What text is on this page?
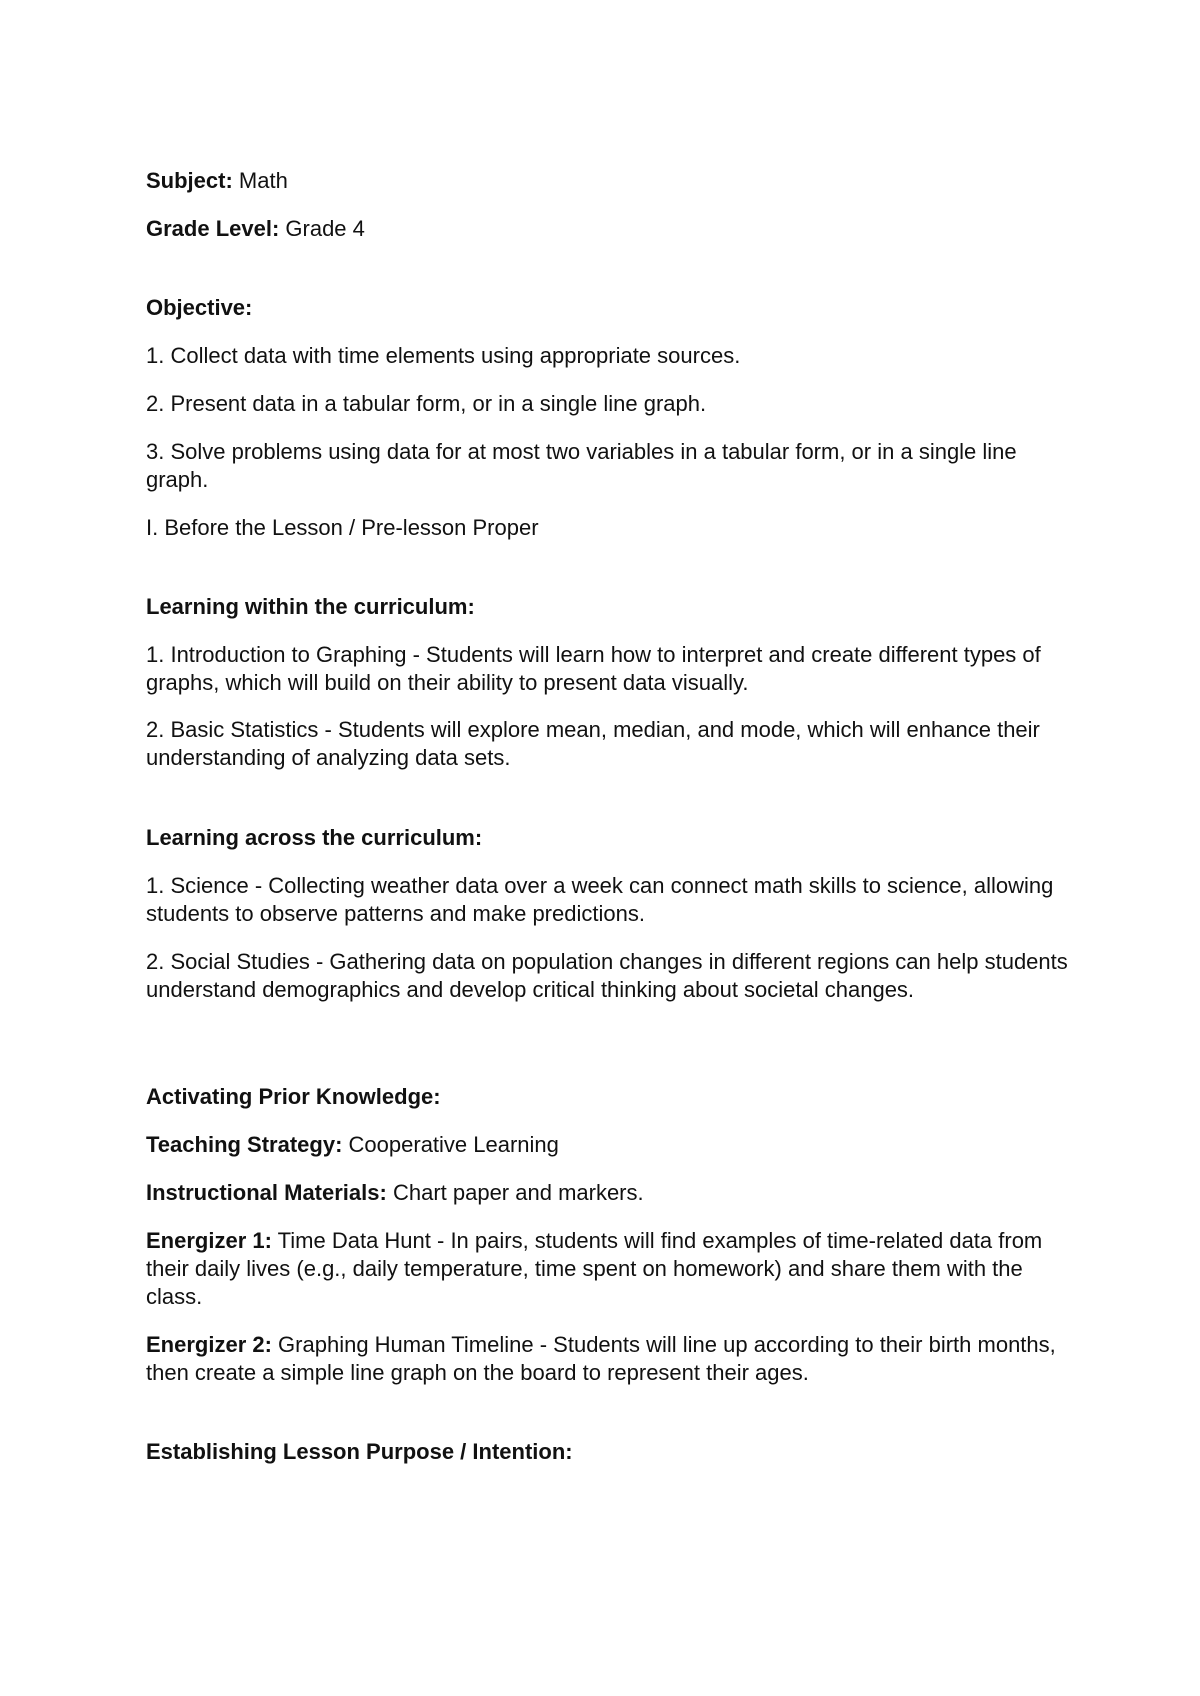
Subject: Math

Grade Level: Grade 4

Objective:

1. Collect data with time elements using appropriate sources.

2. Present data in a tabular form, or in a single line graph.

3. Solve problems using data for at most two variables in a tabular form, or in a single line graph.

I. Before the Lesson / Pre-lesson Proper

Learning within the curriculum:

1. Introduction to Graphing - Students will learn how to interpret and create different types of graphs, which will build on their ability to present data visually.

2. Basic Statistics - Students will explore mean, median, and mode, which will enhance their understanding of analyzing data sets.

Learning across the curriculum:

1. Science - Collecting weather data over a week can connect math skills to science, allowing students to observe patterns and make predictions.

2. Social Studies - Gathering data on population changes in different regions can help students understand demographics and develop critical thinking about societal changes.

Activating Prior Knowledge:

Teaching Strategy: Cooperative Learning

Instructional Materials: Chart paper and markers.

Energizer 1: Time Data Hunt - In pairs, students will find examples of time-related data from their daily lives (e.g., daily temperature, time spent on homework) and share them with the class.

Energizer 2: Graphing Human Timeline - Students will line up according to their birth months, then create a simple line graph on the board to represent their ages.

Establishing Lesson Purpose / Intention:
